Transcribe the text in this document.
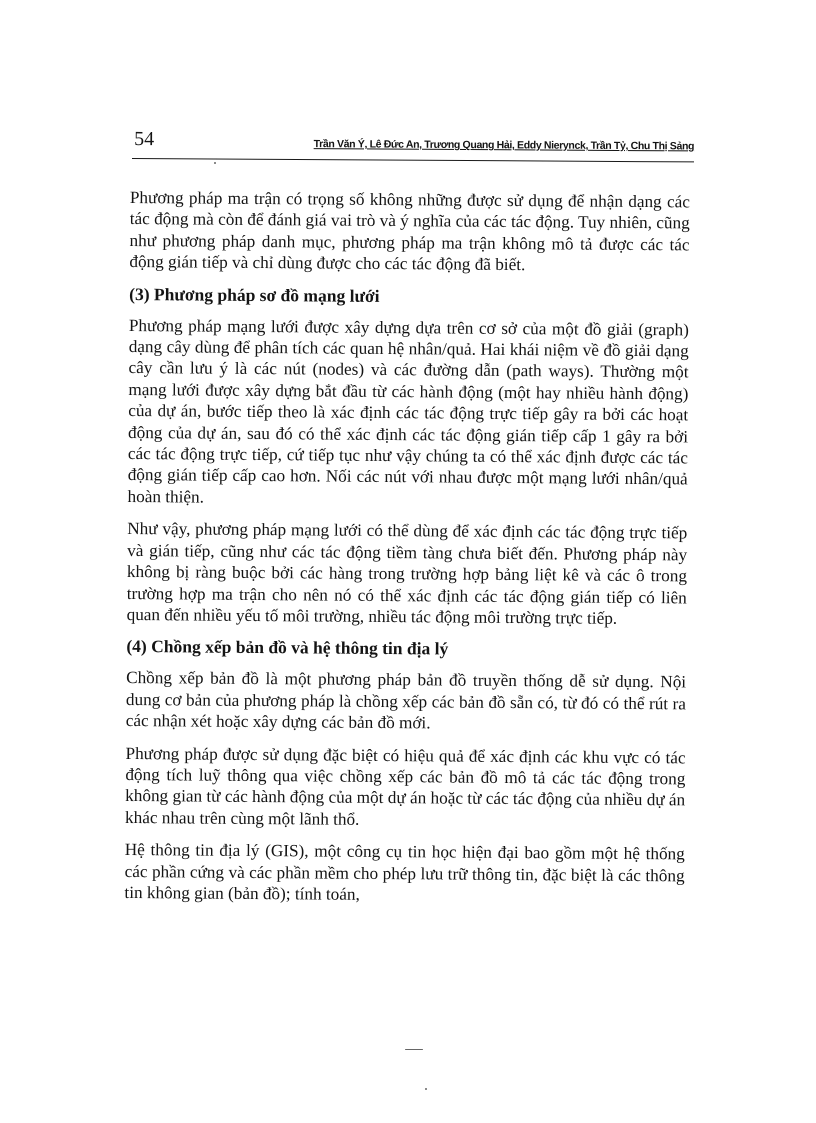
54	Trần Văn Ý, Lê Đức An, Trương Quang Hải, Eddy Nierynck, Trần Tỷ, Chu Thị Sảng

Phương pháp ma trận có trọng số không những được sử dụng để nhận dạng các tác động mà còn để đánh giá vai trò và ý nghĩa của các tác động. Tuy nhiên, cũng như phương pháp danh mục, phương pháp ma trận không mô tả được các tác động gián tiếp và chỉ dùng được cho các tác động đã biết.

(3) Phương pháp sơ đồ mạng lưới

Phương pháp mạng lưới được xây dựng dựa trên cơ sở của một đồ giải (graph) dạng cây dùng để phân tích các quan hệ nhân/quả. Hai khái niệm về đồ giải dạng cây cần lưu ý là các nút (nodes) và các đường dẫn (path ways). Thường một mạng lưới được xây dựng bắt đầu từ các hành động (một hay nhiều hành động) của dự án, bước tiếp theo là xác định các tác động trực tiếp gây ra bởi các hoạt động của dự án, sau đó có thể xác định các tác động gián tiếp cấp 1 gây ra bởi các tác động trực tiếp, cứ tiếp tục như vậy chúng ta có thể xác định được các tác động gián tiếp cấp cao hơn. Nối các nút với nhau được một mạng lưới nhân/quả hoàn thiện.

Như vậy, phương pháp mạng lưới có thể dùng để xác định các tác động trực tiếp và gián tiếp, cũng như các tác động tiềm tàng chưa biết đến. Phương pháp này không bị ràng buộc bởi các hàng trong trường hợp bảng liệt kê và các ô trong trường hợp ma trận cho nên nó có thể xác định các tác động gián tiếp có liên quan đến nhiều yếu tố môi trường, nhiều tác động môi trường trực tiếp.

(4) Chồng xếp bản đồ và hệ thông tin địa lý

Chồng xếp bản đồ là một phương pháp bản đồ truyền thống dễ sử dụng. Nội dung cơ bản của phương pháp là chồng xếp các bản đồ sẵn có, từ đó có thể rút ra các nhận xét hoặc xây dựng các bản đồ mới.

Phương pháp được sử dụng đặc biệt có hiệu quả để xác định các khu vực có tác động tích luỹ thông qua việc chồng xếp các bản đồ mô tả các tác động trong không gian từ các hành động của một dự án hoặc từ các tác động của nhiều dự án khác nhau trên cùng một lãnh thổ.

Hệ thông tin địa lý (GIS), một công cụ tin học hiện đại bao gồm một hệ thống các phần cứng và các phần mềm cho phép lưu trữ thông tin, đặc biệt là các thông tin không gian (bản đồ); tính toán,
